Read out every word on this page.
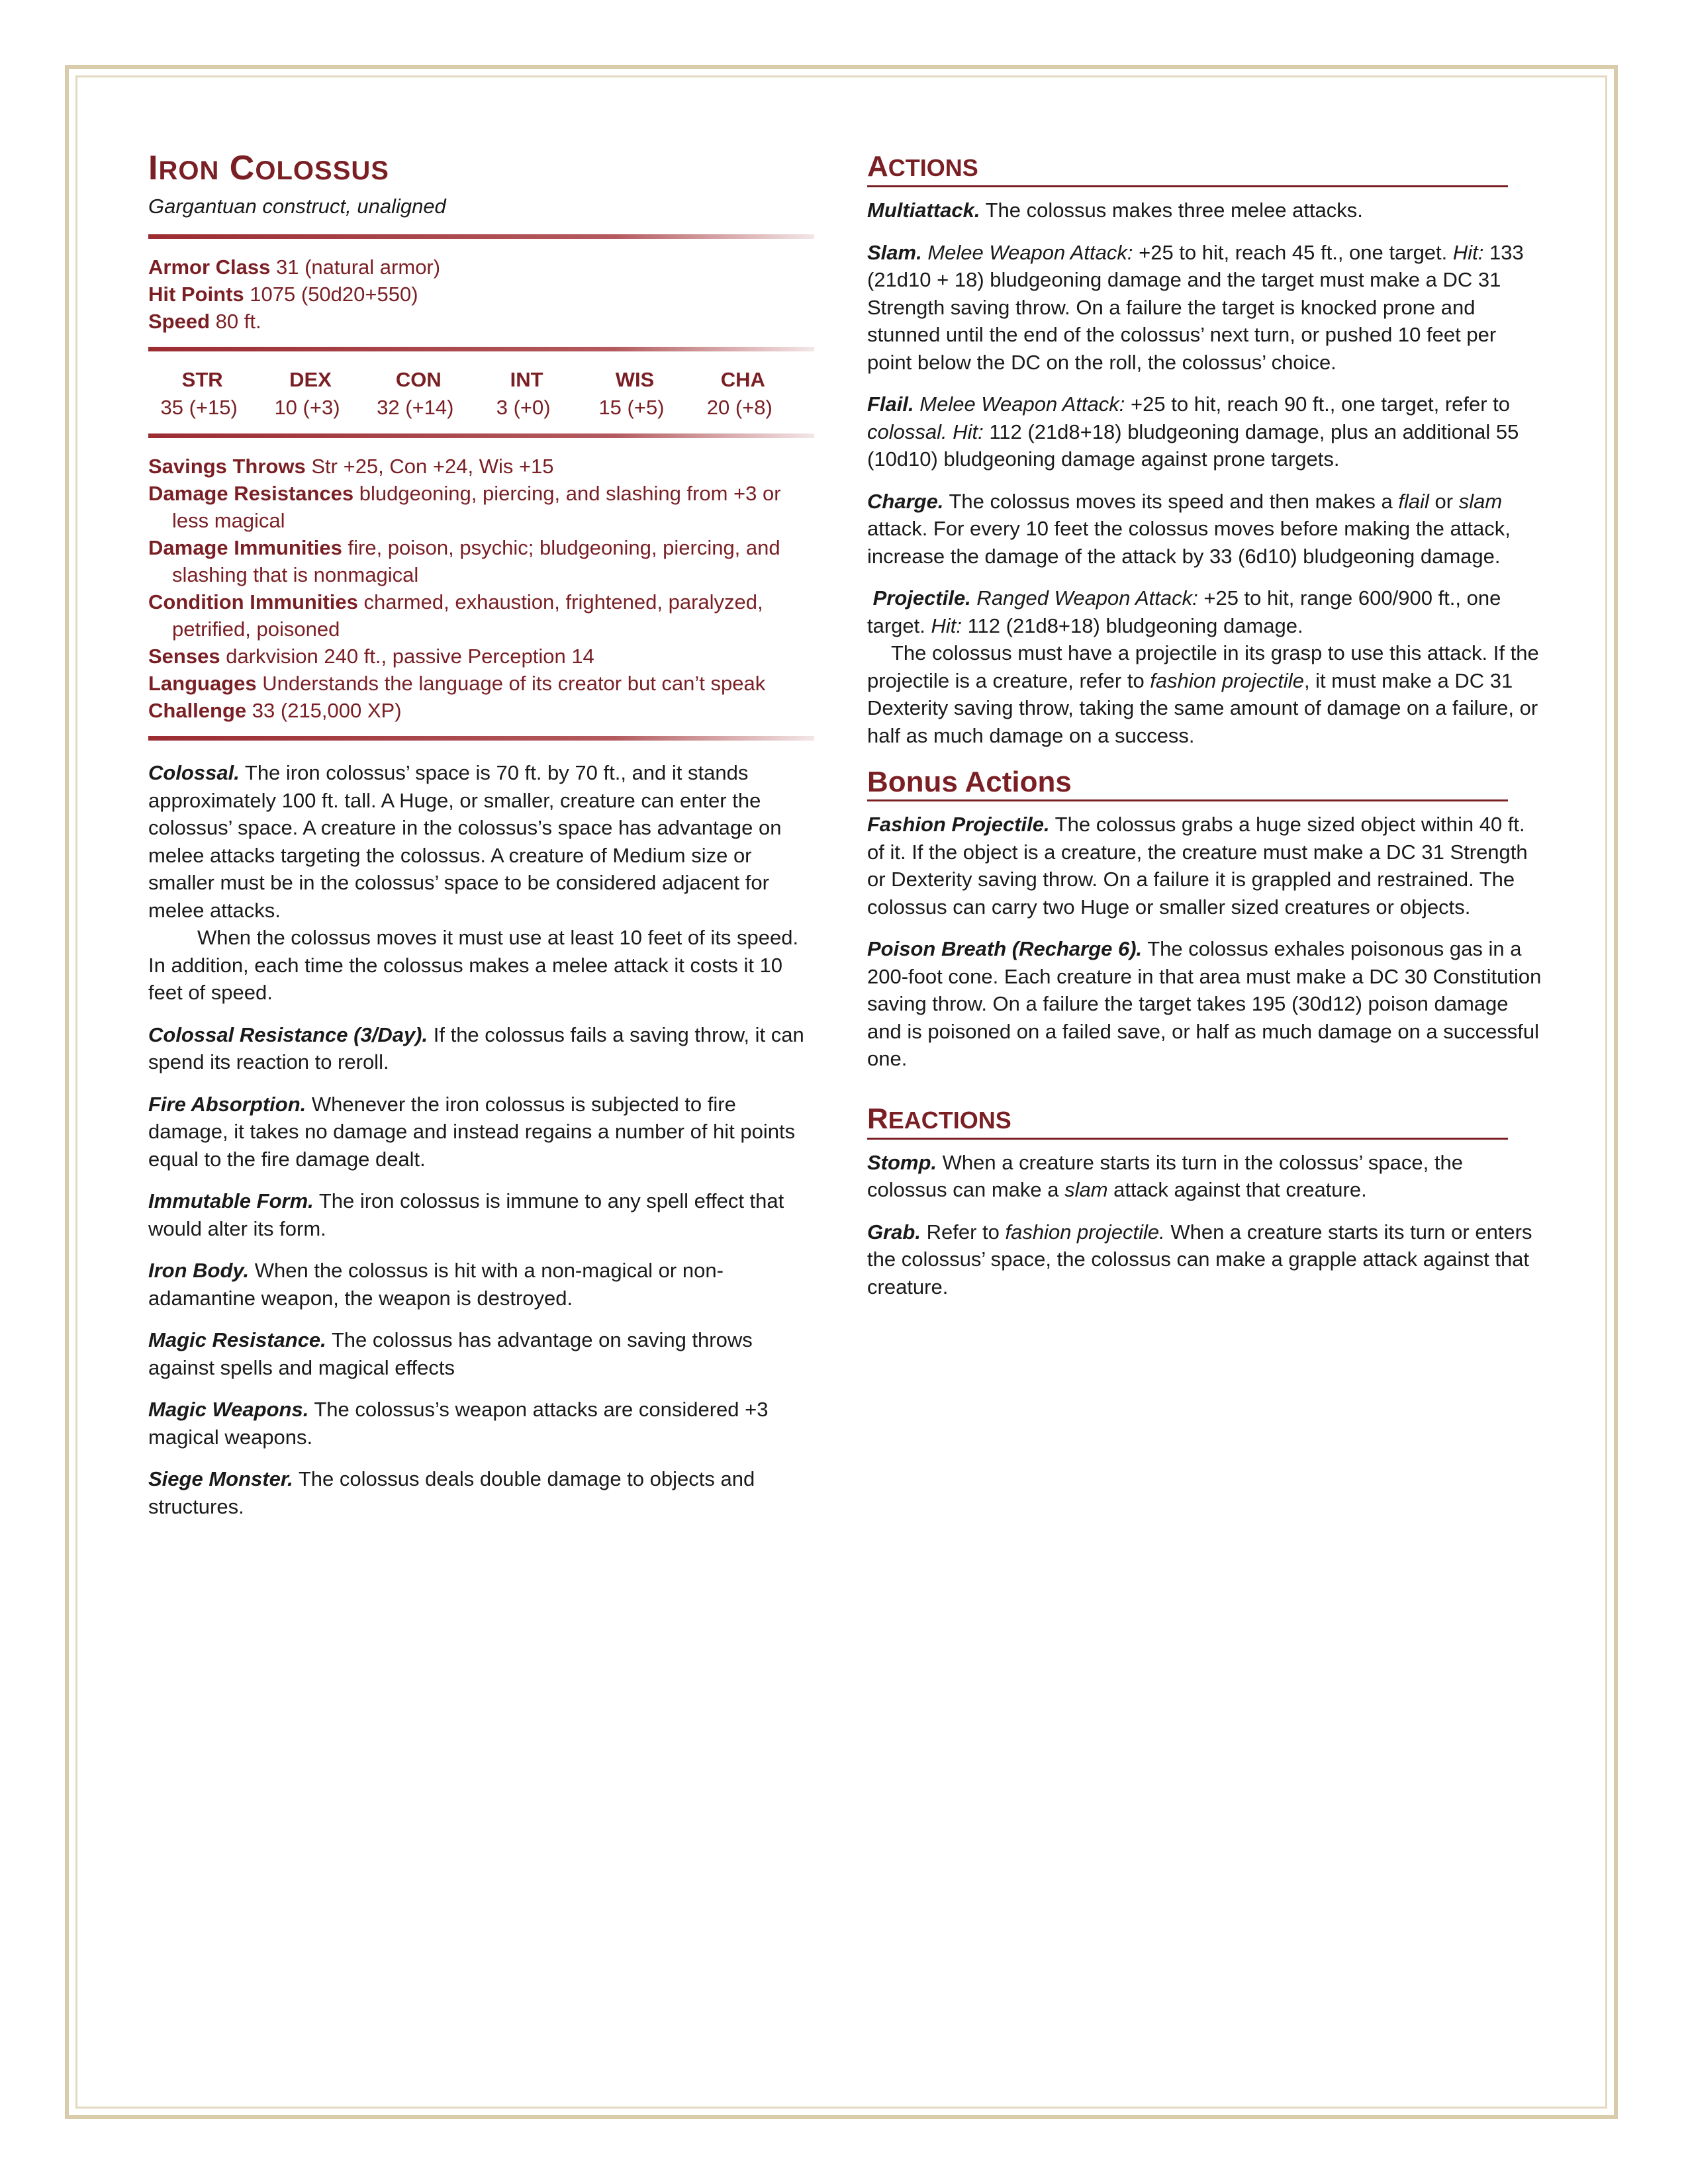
IRON COLOSSUS

Gargantuan construct, unaligned

Armor Class 31 (natural armor)
Hit Points 1075 (50d20+550)
Speed 80 ft.
STR
35 (+15)
DEX
10 (+3)
CON
32 (+14)
INT
3 (+0)
WIS
15 (+5)
CHA
20 (+8)
Savings Throws Str +25, Con +24, Wis +15
Damage Resistances bludgeoning, piercing, and slashing from +3 or less magical
Damage Immunities fire, poison, psychic; bludgeoning, piercing, and slashing that is nonmagical
Condition Immunities charmed, exhaustion, frightened, paralyzed, petrified, poisoned
Senses darkvision 240 ft., passive Perception 14
Languages Understands the language of its creator but can’t speak
Challenge 33 (215,000 XP)

Colossal. The iron colossus’ space is 70 ft. by 70 ft., and it stands approximately 100 ft. tall. A Huge, or smaller, creature can enter the colossus’ space. A creature in the colossus’s space has advantage on melee attacks targeting the colossus. A creature of Medium size or smaller must be in the colossus’ space to be considered adjacent for melee attacks.

When the colossus moves it must use at least 10 feet of its speed. In addition, each time the colossus makes a melee attack it costs it 10 feet of speed.

Colossal Resistance (3/Day). If the colossus fails a saving throw, it can spend its reaction to reroll.

Fire Absorption. Whenever the iron colossus is subjected to fire damage, it takes no damage and instead regains a number of hit points equal to the fire damage dealt.

Immutable Form. The iron colossus is immune to any spell effect that would alter its form.

Iron Body. When the colossus is hit with a non-magical or non-adamantine weapon, the weapon is destroyed.

Magic Resistance. The colossus has advantage on saving throws against spells and magical effects

Magic Weapons. The colossus’s weapon attacks are considered +3 magical weapons.

Siege Monster. The colossus deals double damage to objects and structures.

ACTIONS

Multiattack. The colossus makes three melee attacks.

Slam. Melee Weapon Attack: +25 to hit, reach 45 ft., one target. Hit: 133 (21d10 + 18) bludgeoning damage and the target must make a DC 31 Strength saving throw. On a failure the target is knocked prone and stunned until the end of the colossus’ next turn, or pushed 10 feet per point below the DC on the roll, the colossus’ choice.

Flail. Melee Weapon Attack: +25 to hit, reach 90 ft., one target, refer to colossal. Hit: 112 (21d8+18) bludgeoning damage, plus an additional 55 (10d10) bludgeoning damage against prone targets.

Charge. The colossus moves its speed and then makes a flail or slam attack. For every 10 feet the colossus moves before making the attack, increase the damage of the attack by 33 (6d10) bludgeoning damage.

Projectile. Ranged Weapon Attack: +25 to hit, range 600/900 ft., one target. Hit: 112 (21d8+18) bludgeoning damage.

The colossus must have a projectile in its grasp to use this attack. If the projectile is a creature, refer to fashion projectile, it must make a DC 31 Dexterity saving throw, taking the same amount of damage on a failure, or half as much damage on a success.

Bonus Actions

Fashion Projectile. The colossus grabs a huge sized object within 40 ft. of it. If the object is a creature, the creature must make a DC 31 Strength or Dexterity saving throw. On a failure it is grappled and restrained. The colossus can carry two Huge or smaller sized creatures or objects.

Poison Breath (Recharge 6). The colossus exhales poisonous gas in a 200-foot cone. Each creature in that area must make a DC 30 Constitution saving throw. On a failure the target takes 195 (30d12) poison damage and is poisoned on a failed save, or half as much damage on a successful one.

REACTIONS

Stomp. When a creature starts its turn in the colossus’ space, the colossus can make a slam attack against that creature.

Grab. Refer to fashion projectile. When a creature starts its turn or enters the colossus’ space, the colossus can make a grapple attack against that creature.
